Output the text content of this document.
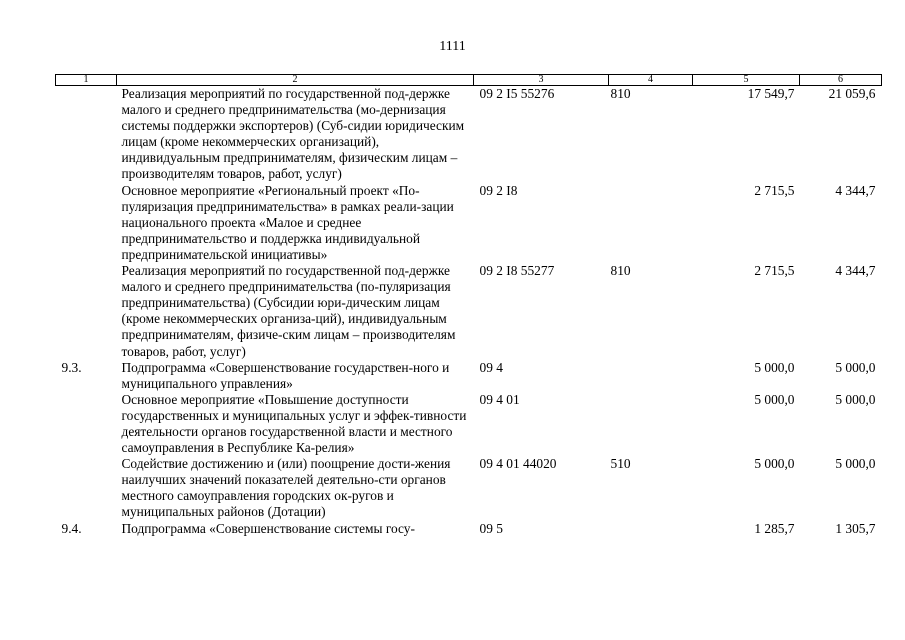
1111
1	2	3	4	5	6
	Реализация мероприятий по государственной под-держке малого и среднего предпринимательства (мо-дернизация системы поддержки экспортеров) (Суб-сидии юридическим лицам (кроме некоммерческих организаций), индивидуальным предпринимателям, физическим лицам – производителям товаров, работ, услуг)	09 2 I5 55276	810	17 549,7	21 059,6
	Основное мероприятие «Региональный проект «По-пуляризация предпринимательства» в рамках реали-зации национального проекта «Малое и среднее предпринимательство и поддержка индивидуальной предпринимательской инициативы»	09 2 I8		2 715,5	4 344,7
	Реализация мероприятий по государственной под-держке малого и среднего предпринимательства (по-пуляризация предпринимательства) (Субсидии юри-дическим лицам (кроме некоммерческих организа-ций), индивидуальным предпринимателям, физиче-ским лицам – производителям товаров, работ, услуг)	09 2 I8 55277	810	2 715,5	4 344,7
9.3.	Подпрограмма «Совершенствование государствен-ного и муниципального управления»	09 4		5 000,0	5 000,0
	Основное мероприятие «Повышение доступности государственных и муниципальных услуг и эффек-тивности деятельности органов государственной власти и местного самоуправления в Республике Ка-релия»	09 4 01		5 000,0	5 000,0
	Содействие достижению и (или) поощрение дости-жения наилучших значений показателей деятельно-сти органов местного самоуправления городских ок-ругов и муниципальных районов (Дотации)	09 4 01 44020	510	5 000,0	5 000,0
9.4.	Подпрограмма «Совершенствование системы госу-	09 5		1 285,7	1 305,7
